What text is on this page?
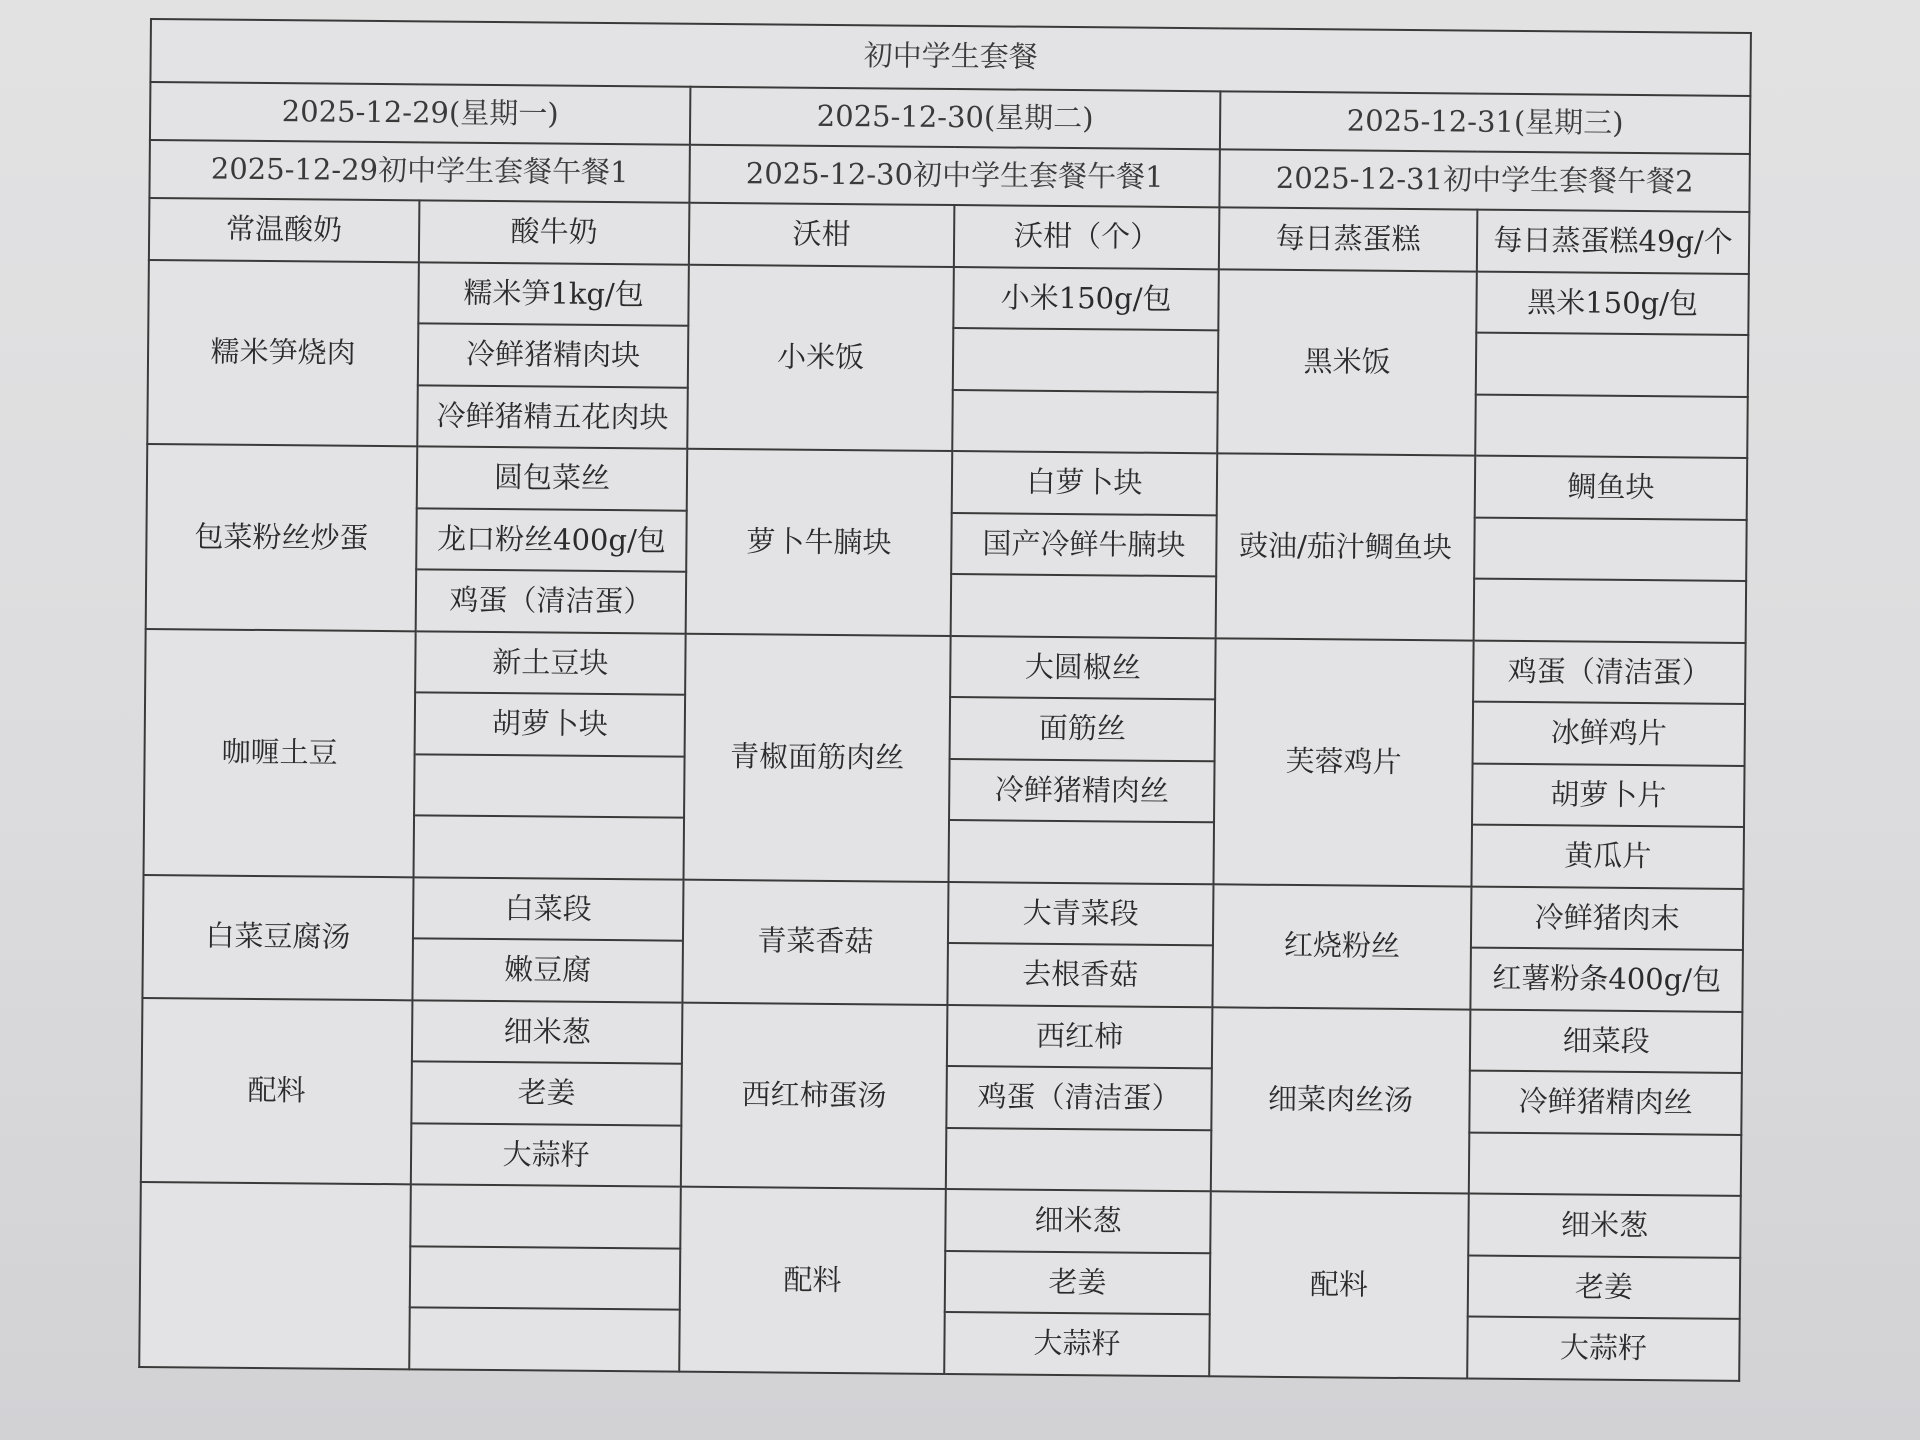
初中学生套餐					
2025-12-29(星期一)		2025-12-30(星期二)		2025-12-31(星期三)	
2025-12-29初中学生套餐午餐1		2025-12-30初中学生套餐午餐1		2025-12-31初中学生套餐午餐2	
常温酸奶	酸牛奶	沃柑	沃柑（个）	每日蒸蛋糕	每日蒸蛋糕49g/个
糯米笋烧肉	糯米笋1kg/包	小米饭	小米150g/包	黑米饭	黑米150g/包
	冷鲜猪精肉块				
	冷鲜猪精五花肉块				
包菜粉丝炒蛋	圆包菜丝	萝卜牛腩块	白萝卜块	豉油/茄汁鲷鱼块	鲷鱼块
	龙口粉丝400g/包		国产冷鲜牛腩块		
	鸡蛋（清洁蛋）				
咖喱土豆	新土豆块	青椒面筋肉丝	大圆椒丝	芙蓉鸡片	鸡蛋（清洁蛋）
	胡萝卜块		面筋丝		冰鲜鸡片
			冷鲜猪精肉丝		胡萝卜片
					黄瓜片
白菜豆腐汤	白菜段	青菜香菇	大青菜段	红烧粉丝	冷鲜猪肉末
	嫩豆腐		去根香菇		红薯粉条400g/包
配料	细米葱	西红柿蛋汤	西红柿	细菜肉丝汤	细菜段
	老姜		鸡蛋（清洁蛋）		冷鲜猪精肉丝
	大蒜籽				
		配料	细米葱	配料	细米葱
			老姜		老姜
			大蒜籽		大蒜籽
